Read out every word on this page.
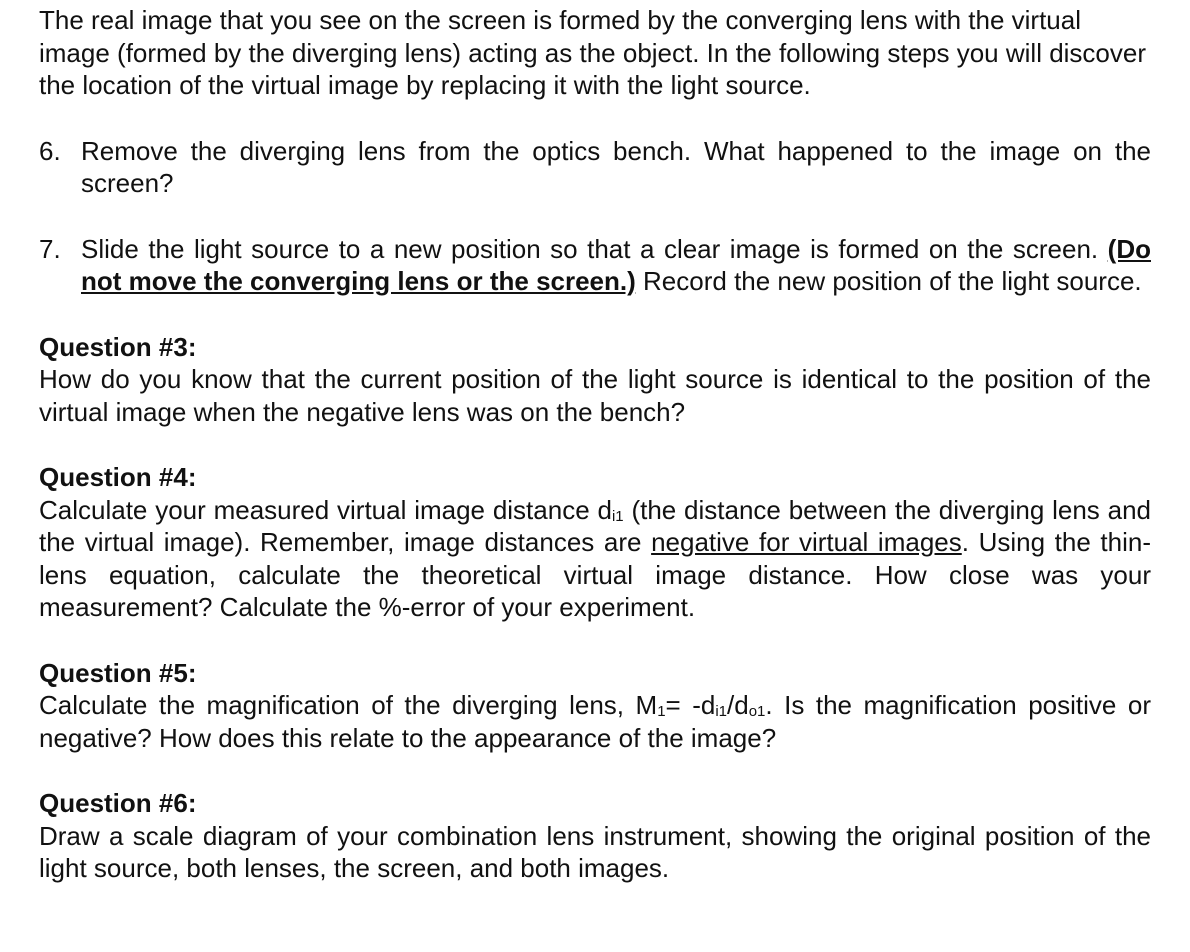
The real image that you see on the screen is formed by the converging lens with the virtual image (formed by the diverging lens) acting as the object. In the following steps you will discover the location of the virtual image by replacing it with the light source.

6. Remove the diverging lens from the optics bench. What happened to the image on the screen?
7. Slide the light source to a new position so that a clear image is formed on the screen. (Do not move the converging lens or the screen.) Record the new position of the light source.

Question #3:

How do you know that the current position of the light source is identical to the position of the virtual image when the negative lens was on the bench?

Question #4:

Calculate your measured virtual image distance $d_{i1}$ (the distance between the diverging lens and the virtual image). Remember, image distances are negative for virtual images. Using the thin-lens equation, calculate the theoretical virtual image distance. How close was your measurement? Calculate the %-error of your experiment.

Question #5:

Calculate the magnification of the diverging lens, $M_1= -d_{i1}/d_{o1}$. Is the magnification positive or negative? How does this relate to the appearance of the image?

Question #6:

Draw a scale diagram of your combination lens instrument, showing the original position of the light source, both lenses, the screen, and both images.
